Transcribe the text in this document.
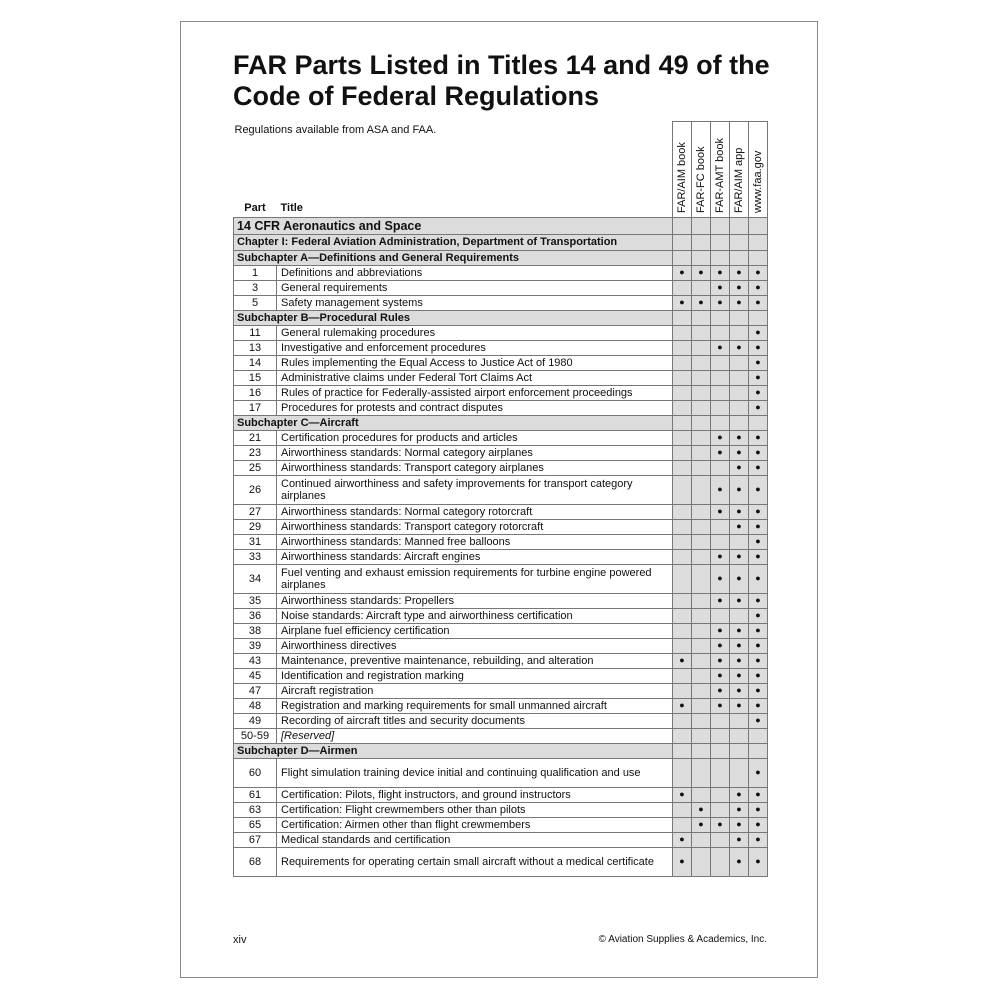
FAR Parts Listed in Titles 14 and 49 of the Code of Federal Regulations
Part	Regulations available from ASA and FAA.
Title	FAR/AIM book	FAR-FC book	FAR-AMT book	FAR/AIM app	www.faa.gov

14 CFR Aeronautics and Space						
Chapter I: Federal Aviation Administration, Department of Transportation						
Subchapter A—Definitions and General Requirements						
1	Definitions and abbreviations	●	●	●	●	●
3	General requirements			●	●	●
5	Safety management systems	●	●	●	●	●
Subchapter B—Procedural Rules						
11	General rulemaking procedures					●
13	Investigative and enforcement procedures			●	●	●
14	Rules implementing the Equal Access to Justice Act of 1980					●
15	Administrative claims under Federal Tort Claims Act					●
16	Rules of practice for Federally-assisted airport enforcement proceedings					●
17	Procedures for protests and contract disputes					●
Subchapter C—Aircraft						
21	Certification procedures for products and articles			●	●	●
23	Airworthiness standards: Normal category airplanes			●	●	●
25	Airworthiness standards: Transport category airplanes				●	●
26	Continued airworthiness and safety improvements for transport category airplanes			●	●	●
27	Airworthiness standards: Normal category rotorcraft			●	●	●
29	Airworthiness standards: Transport category rotorcraft				●	●
31	Airworthiness standards: Manned free balloons					●
33	Airworthiness standards: Aircraft engines			●	●	●
34	Fuel venting and exhaust emission requirements for turbine engine powered airplanes			●	●	●
35	Airworthiness standards: Propellers			●	●	●
36	Noise standards: Aircraft type and airworthiness certification					●
38	Airplane fuel efficiency certification			●	●	●
39	Airworthiness directives			●	●	●
43	Maintenance, preventive maintenance, rebuilding, and alteration	●		●	●	●
45	Identification and registration marking			●	●	●
47	Aircraft registration			●	●	●
48	Registration and marking requirements for small unmanned aircraft	●		●	●	●
49	Recording of aircraft titles and security documents					●
50-59	[Reserved]					
Subchapter D—Airmen						
60	Flight simulation training device initial and continuing qualification and use					●
61	Certification: Pilots, flight instructors, and ground instructors	●			●	●
63	Certification: Flight crewmembers other than pilots		●		●	●
65	Certification: Airmen other than flight crewmembers		●	●	●	●
67	Medical standards and certification	●			●	●
68	Requirements for operating certain small aircraft without a medical certificate	●			●	●
xiv	© Aviation Supplies & Academics, Inc.
